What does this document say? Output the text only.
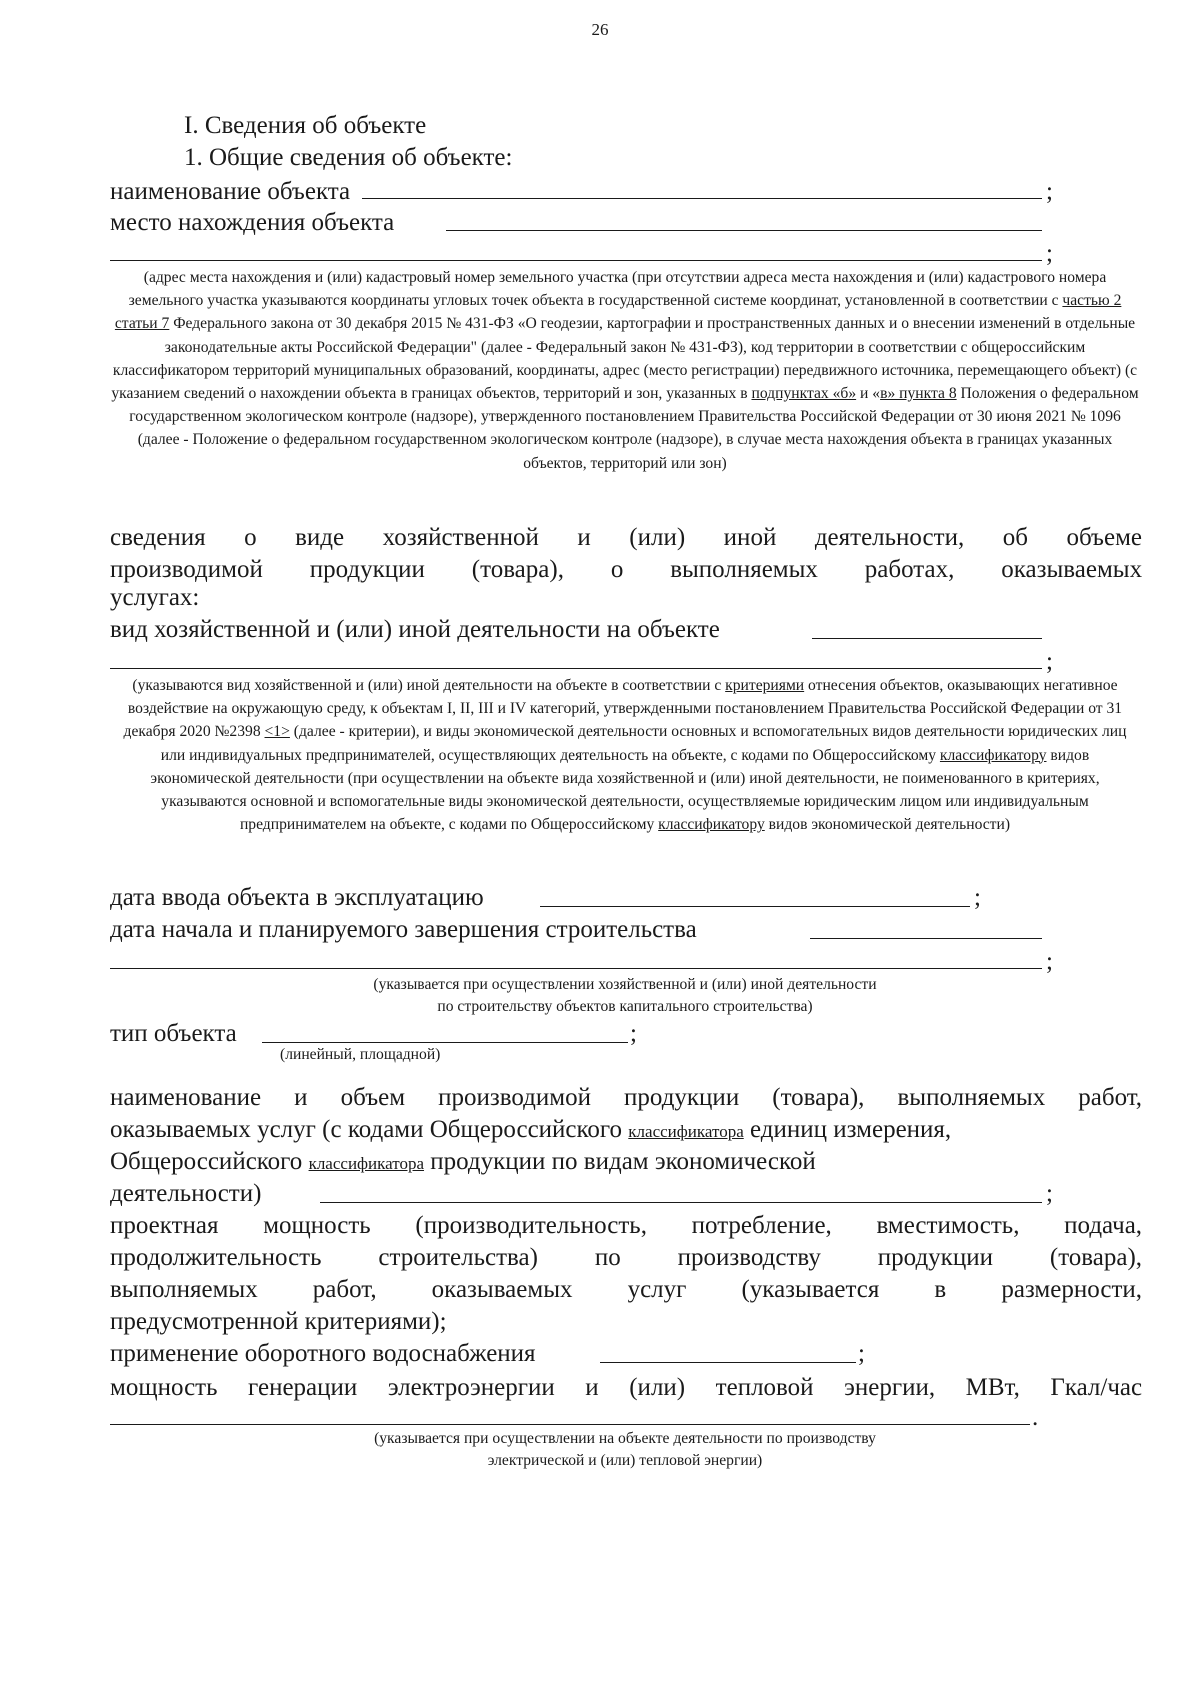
26
I. Сведения об объекте
1. Общие сведения об объекте:
наименование объекта	;
место нахождения объекта
;
(адрес места нахождения и (или) кадастровый номер земельного участка (при отсутствии адреса места нахождения и (или) кадастрового номера земельного участка указываются координаты угловых точек объекта в государственной системе координат, установленной в соответствии с частью 2 статьи 7 Федерального закона от 30 декабря 2015 № 431-ФЗ «О геодезии, картографии и пространственных данных и о внесении изменений в отдельные законодательные акты Российской Федерации" (далее - Федеральный закон № 431-ФЗ), код территории в соответствии с общероссийским классификатором территорий муниципальных образований, координаты, адрес (место регистрации) передвижного источника, перемещающего объект) (с указанием сведений о нахождении объекта в границах объектов, территорий и зон, указанных в подпунктах «б» и «в» пункта 8 Положения о федеральном государственном экологическом контроле (надзоре), утвержденного постановлением Правительства Российской Федерации от 30 июня 2021 № 1096 (далее - Положение о федеральном государственном экологическом контроле (надзоре), в случае места нахождения объекта в границах указанных объектов, территорий или зон)
сведения о виде хозяйственной и (или) иной деятельности, об объеме
производимой продукции (товара), о выполняемых работах, оказываемых
услугах:
вид хозяйственной и (или) иной деятельности на объекте
;
(указываются вид хозяйственной и (или) иной деятельности на объекте в соответствии с критериями отнесения объектов, оказывающих негативное воздействие на окружающую среду, к объектам I, II, III и IV категорий, утвержденными постановлением Правительства Российской Федерации от 31 декабря 2020 №2398 <1> (далее - критерии), и виды экономической деятельности основных и вспомогательных видов деятельности юридических лиц или индивидуальных предпринимателей, осуществляющих деятельность на объекте, с кодами по Общероссийскому классификатору видов экономической деятельности (при осуществлении на объекте вида хозяйственной и (или) иной деятельности, не поименованного в критериях, указываются основной и вспомогательные виды экономической деятельности, осуществляемые юридическим лицом или индивидуальным предпринимателем на объекте, с кодами по Общероссийскому классификатору видов экономической деятельности)
дата ввода объекта в эксплуатацию	;
дата начала и планируемого завершения строительства
;
(указывается при осуществлении хозяйственной и (или) иной деятельности
по строительству объектов капитального строительства)
тип объекта	;
(линейный, площадной)
наименование и объем производимой продукции (товара), выполняемых работ,
оказываемых услуг (с кодами Общероссийского классификатора единиц измерения,
Общероссийского классификатора продукции по видам экономической
деятельности)	;
проектная мощность (производительность, потребление, вместимость, подача,
продолжительность строительства) по производству продукции (товара),
выполняемых работ, оказываемых услуг (указывается в размерности,
предусмотренной критериями);
применение оборотного водоснабжения	;
мощность генерации электроэнергии и (или) тепловой энергии, МВт, Гкал/час
.
(указывается при осуществлении на объекте деятельности по производству
электрической и (или) тепловой энергии)
